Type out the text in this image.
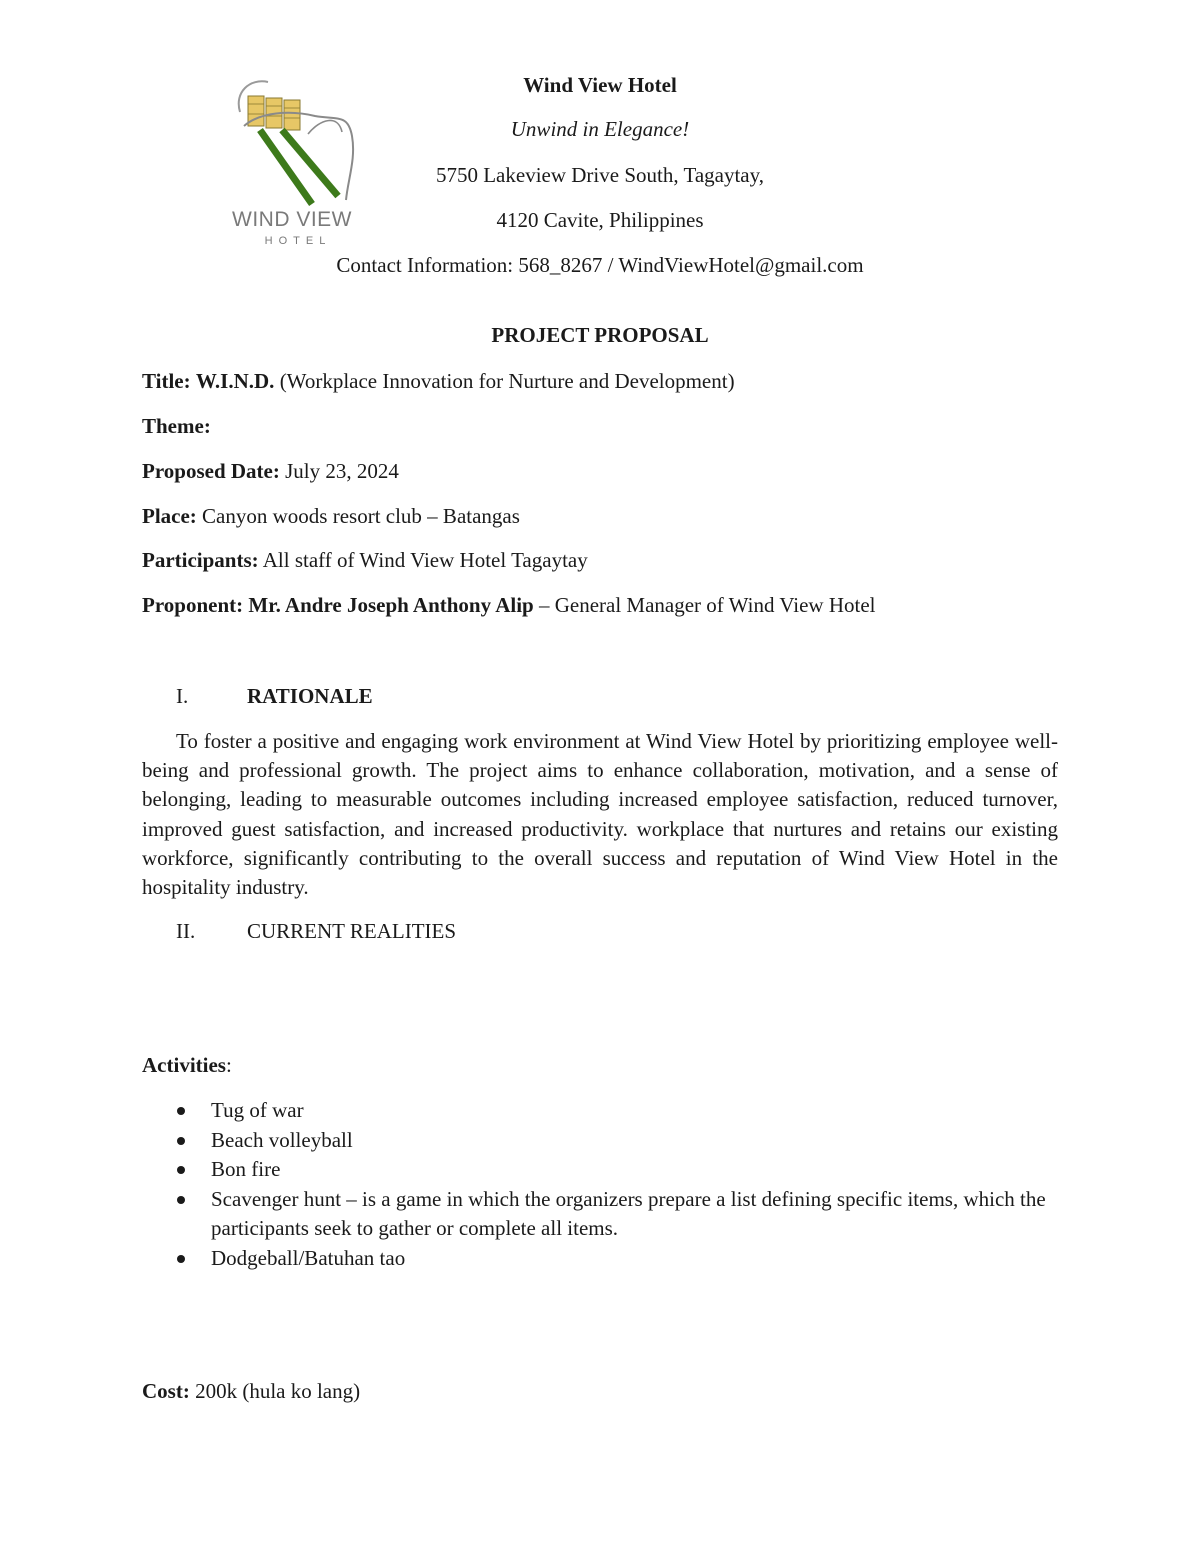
WIND VIEW
HOTEL
Wind View Hotel
Unwind in Elegance!
5750 Lakeview Drive South, Tagaytay,
4120 Cavite, Philippines
Contact Information: 568_8267 / WindViewHotel@gmail.com
PROJECT PROPOSAL
Title: W.I.N.D. (Workplace Innovation for Nurture and Development)
Theme:
Proposed Date: July 23, 2024
Place: Canyon woods resort club – Batangas
Participants: All staff of Wind View Hotel Tagaytay
Proponent: Mr. Andre Joseph Anthony Alip – General Manager of Wind View Hotel
I.	RATIONALE
To foster a positive and engaging work environment at Wind View Hotel by prioritizing employee well-being and professional growth. The project aims to enhance collaboration, motivation, and a sense of belonging, leading to measurable outcomes including increased employee satisfaction, reduced turnover, improved guest satisfaction, and increased productivity. workplace that nurtures and retains our existing workforce, significantly contributing to the overall success and reputation of Wind View Hotel in the hospitality industry.
II. CURRENT REALITIES
Activities:
Tug of war
Beach volleyball
Bon fire
Scavenger hunt – is a game in which the organizers prepare a list defining specific items, which the participants seek to gather or complete all items.
Dodgeball/Batuhan tao
Cost: 200k (hula ko lang)
